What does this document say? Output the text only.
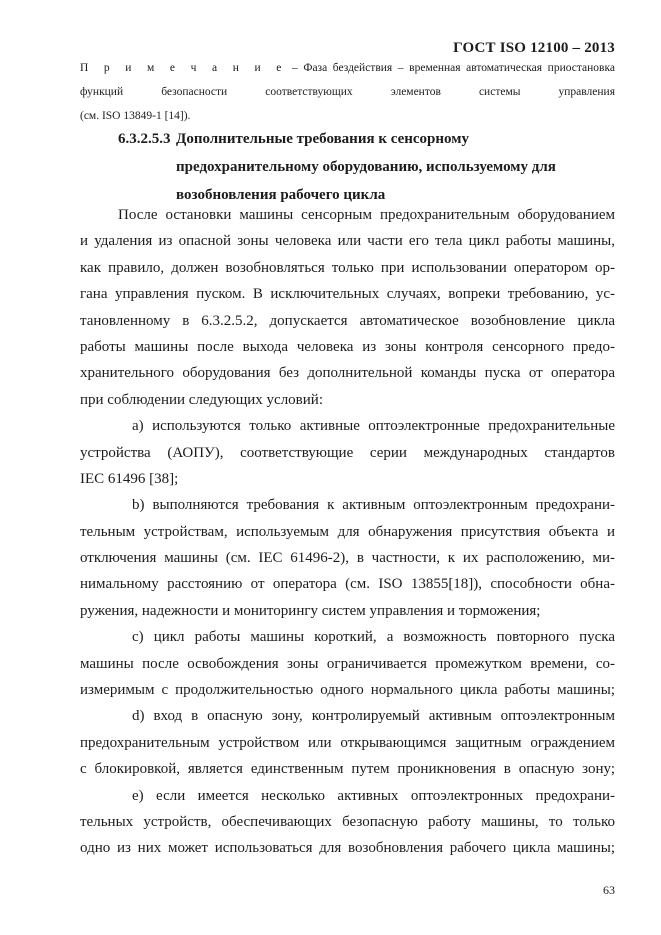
ГОСТ ISO 12100 – 2013
П р и м е ч а н и е – Фаза бездействия – временная автоматическая приостановка
функций безопасности соответствующих элементов системы управления
(см. ISO 13849-1 [14]).
6.3.2.5.3 Дополнительные требования к сенсорному
предохранительному оборудованию, используемому для
возобновления рабочего цикла
После остановки машины сенсорным предохранительным оборудованием
и удаления из опасной зоны человека или части его тела цикл работы машины,
как правило, должен возобновляться только при использовании оператором ор-
гана управления пуском. В исключительных случаях, вопреки требованию, ус-
тановленному в 6.3.2.5.2, допускается автоматическое возобновление цикла
работы машины после выхода человека из зоны контроля сенсорного предо-
хранительного оборудования без дополнительной команды пуска от оператора
при соблюдении следующих условий:
а) используются только активные оптоэлектронные предохранительные
устройства (АОПУ), соответствующие серии международных стандартов
IEC 61496 [38];
b) выполняются требования к активным оптоэлектронным предохрани-
тельным устройствам, используемым для обнаружения присутствия объекта и
отключения машины (см. IEC 61496-2), в частности, к их расположению, ми-
нимальному расстоянию от оператора (см. ISO 13855[18]), способности обна-
ружения, надежности и мониторингу систем управления и торможения;
с) цикл работы машины короткий, а возможность повторного пуска
машины после освобождения зоны ограничивается промежутком времени, со-
измеримым с продолжительностью одного нормального цикла работы машины;
d) вход в опасную зону, контролируемый активным оптоэлектронным
предохранительным устройством или открывающимся защитным ограждением
с блокировкой, является единственным путем проникновения в опасную зону;
е) если имеется несколько активных оптоэлектронных предохрани-
тельных устройств, обеспечивающих безопасную работу машины, то только
одно из них может использоваться для возобновления рабочего цикла машины;
63
